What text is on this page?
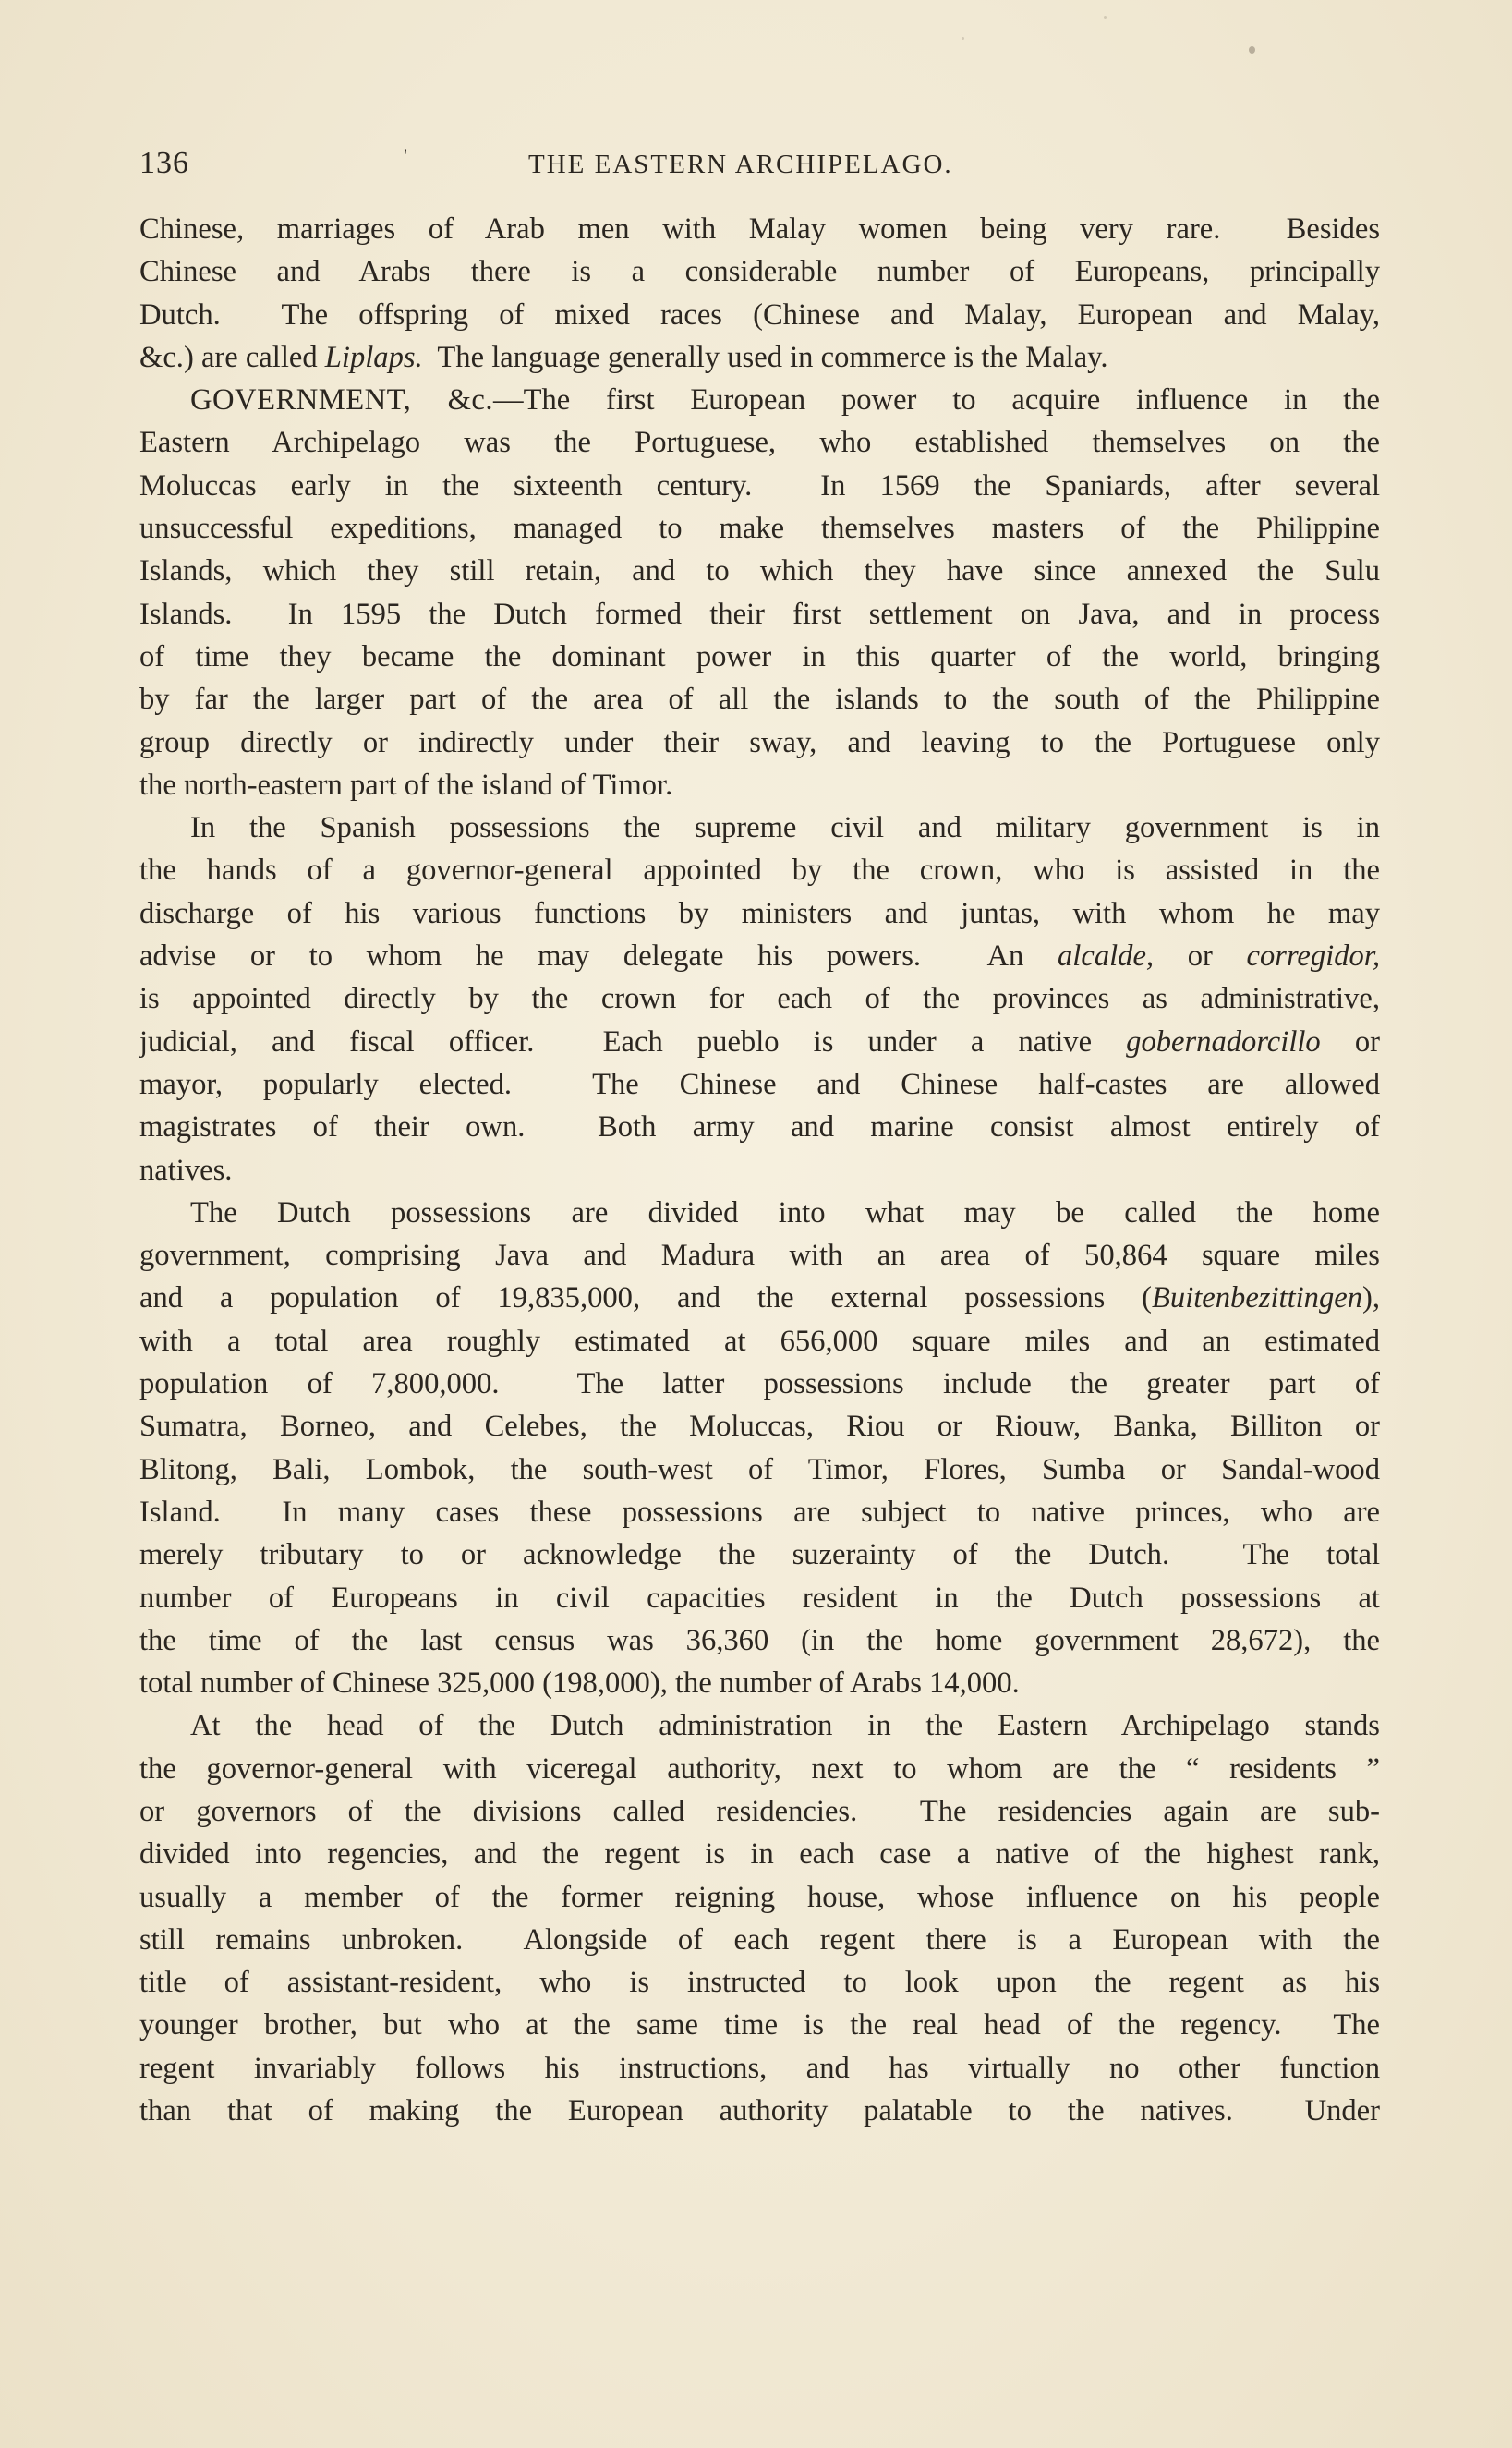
136	'	THE EASTERN ARCHIPELAGO.
Chinese, marriages of Arab men with Malay women being very rare.  Besides
Chinese and Arabs there is a considerable number of Europeans, principally
Dutch.  The offspring of mixed races (Chinese and Malay, European and Malay,
&c.) are called Liplaps.  The language generally used in commerce is the Malay.
GOVERNMENT, &c.—The first European power to acquire influence in the
Eastern Archipelago was the Portuguese, who established themselves on the
Moluccas early in the sixteenth century.  In 1569 the Spaniards, after several
unsuccessful expeditions, managed to make themselves masters of the Philippine
Islands, which they still retain, and to which they have since annexed the Sulu
Islands.  In 1595 the Dutch formed their first settlement on Java, and in process
of time they became the dominant power in this quarter of the world, bringing
by far the larger part of the area of all the islands to the south of the Philippine
group directly or indirectly under their sway, and leaving to the Portuguese only
the north-eastern part of the island of Timor.
In the Spanish possessions the supreme civil and military government is in
the hands of a governor-general appointed by the crown, who is assisted in the
discharge of his various functions by ministers and juntas, with whom he may
advise or to whom he may delegate his powers.  An alcalde, or corregidor,
is appointed directly by the crown for each of the provinces as administrative,
judicial, and fiscal officer.  Each pueblo is under a native gobernadorcillo or
mayor, popularly elected.  The Chinese and Chinese half-castes are allowed
magistrates of their own.  Both army and marine consist almost entirely of
natives.
The Dutch possessions are divided into what may be called the home
government, comprising Java and Madura with an area of 50,864 square miles
and a population of 19,835,000, and the external possessions (Buitenbezittingen),
with a total area roughly estimated at 656,000 square miles and an estimated
population of 7,800,000.  The latter possessions include the greater part of
Sumatra, Borneo, and Celebes, the Moluccas, Riou or Riouw, Banka, Billiton or
Blitong, Bali, Lombok, the south-west of Timor, Flores, Sumba or Sandal-wood
Island.  In many cases these possessions are subject to native princes, who are
merely tributary to or acknowledge the suzerainty of the Dutch.  The total
number of Europeans in civil capacities resident in the Dutch possessions at
the time of the last census was 36,360 (in the home government 28,672), the
total number of Chinese 325,000 (198,000), the number of Arabs 14,000.
At the head of the Dutch administration in the Eastern Archipelago stands
the governor-general with viceregal authority, next to whom are the “ residents ”
or governors of the divisions called residencies.  The residencies again are sub-
divided into regencies, and the regent is in each case a native of the highest rank,
usually a member of the former reigning house, whose influence on his people
still remains unbroken.  Alongside of each regent there is a European with the
title of assistant-resident, who is instructed to look upon the regent as his
younger brother, but who at the same time is the real head of the regency.  The
regent invariably follows his instructions, and has virtually no other function
than that of making the European authority palatable to the natives.  Under
